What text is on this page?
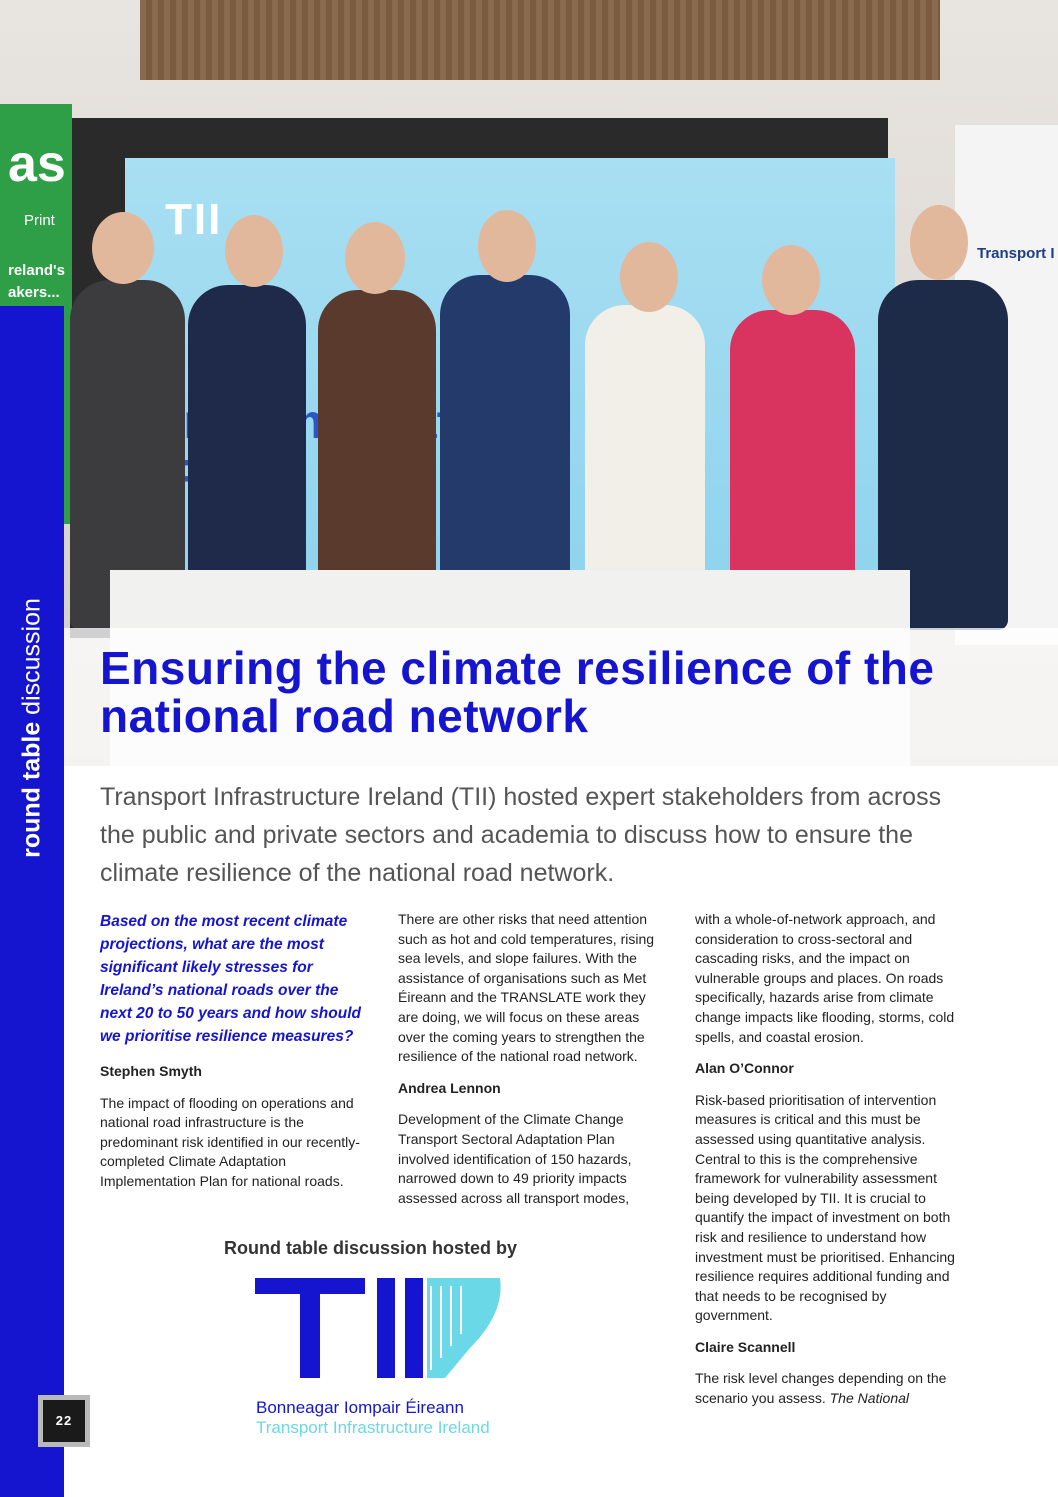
TII
as
Print
reland's
akers...
Transport I
Ensuring the climate resilience of the national road network
round table discussion
22

Transport Infrastructure Ireland (TII) hosted expert stakeholders from across the public and private sectors and academia to discuss how to ensure the climate resilience of the national road network.

Based on the most recent climate projections, what are the most significant likely stresses for Ireland’s national roads over the next 20 to 50 years and how should we prioritise resilience measures?

Stephen Smyth

The impact of flooding on operations and national road infrastructure is the predominant risk identified in our recently-completed Climate Adaptation Implementation Plan for national roads.

There are other risks that need attention such as hot and cold temperatures, rising sea levels, and slope failures. With the assistance of organisations such as Met Éireann and the TRANSLATE work they are doing, we will focus on these areas over the coming years to strengthen the resilience of the national road network.

Andrea Lennon

Development of the Climate Change Transport Sectoral Adaptation Plan involved identification of 150 hazards, narrowed down to 49 priority impacts assessed across all transport modes,

with a whole-of-network approach, and consideration to cross-sectoral and cascading risks, and the impact on vulnerable groups and places. On roads specifically, hazards arise from climate change impacts like flooding, storms, cold spells, and coastal erosion.

Alan O’Connor

Risk-based prioritisation of intervention measures is critical and this must be assessed using quantitative analysis. Central to this is the comprehensive framework for vulnerability assessment being developed by TII. It is crucial to quantify the impact of investment on both risk and resilience to understand how investment must be prioritised. Enhancing resilience requires additional funding and that needs to be recognised by government.

Claire Scannell

The risk level changes depending on the scenario you assess. The National

Round table discussion hosted by

Bonneagar Iompair Éireann

Transport Infrastructure Ireland
